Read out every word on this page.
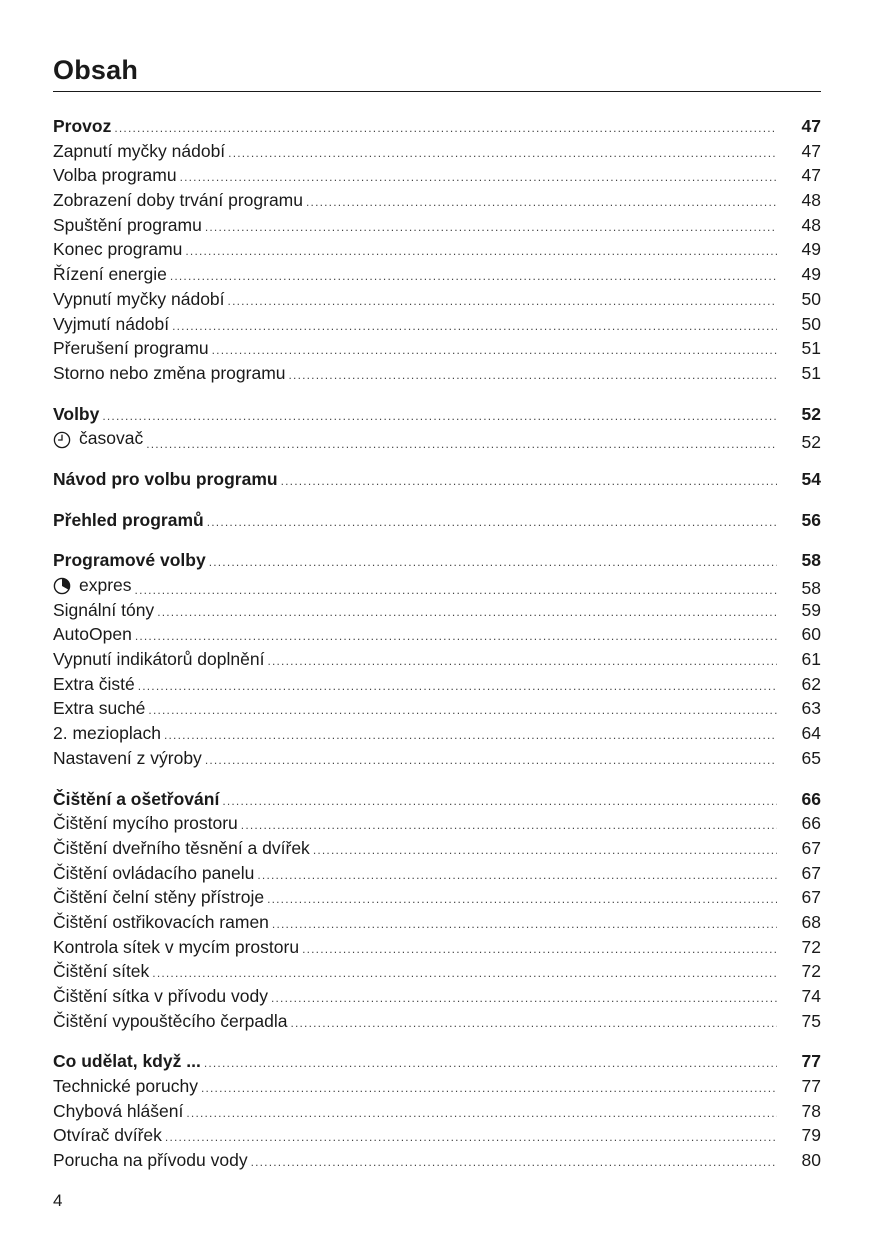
Obsah
Provoz .....	47
Zapnutí myčky nádobí .....	47
Volba programu .....	47
Zobrazení doby trvání programu .....	48
Spuštění programu .....	48
Konec programu .....	49
Řízení energie .....	49
Vypnutí myčky nádobí .....	50
Vyjmutí nádobí .....	50
Přerušení programu .....	51
Storno nebo změna programu .....	51
Volby .....	52
časovač .....	52
Návod pro volbu programu .....	54
Přehled programů .....	56
Programové volby .....	58
expres .....	58
Signální tóny .....	59
AutoOpen .....	60
Vypnutí indikátorů doplnění .....	61
Extra čisté .....	62
Extra suché .....	63
2. mezioplach .....	64
Nastavení z výroby .....	65
Čištění a ošetřování .....	66
Čištění mycího prostoru .....	66
Čištění dveřního těsnění a dvířek .....	67
Čištění ovládacího panelu .....	67
Čištění čelní stěny přístroje .....	67
Čištění ostřikovacích ramen .....	68
Kontrola sítek v mycím prostoru .....	72
Čištění sítek .....	72
Čištění sítka v přívodu vody .....	74
Čištění vypouštěcího čerpadla .....	75
Co udělat, když ... .....	77
Technické poruchy .....	77
Chybová hlášení .....	78
Otvírač dvířek .....	79
Porucha na přívodu vody .....	80
4
